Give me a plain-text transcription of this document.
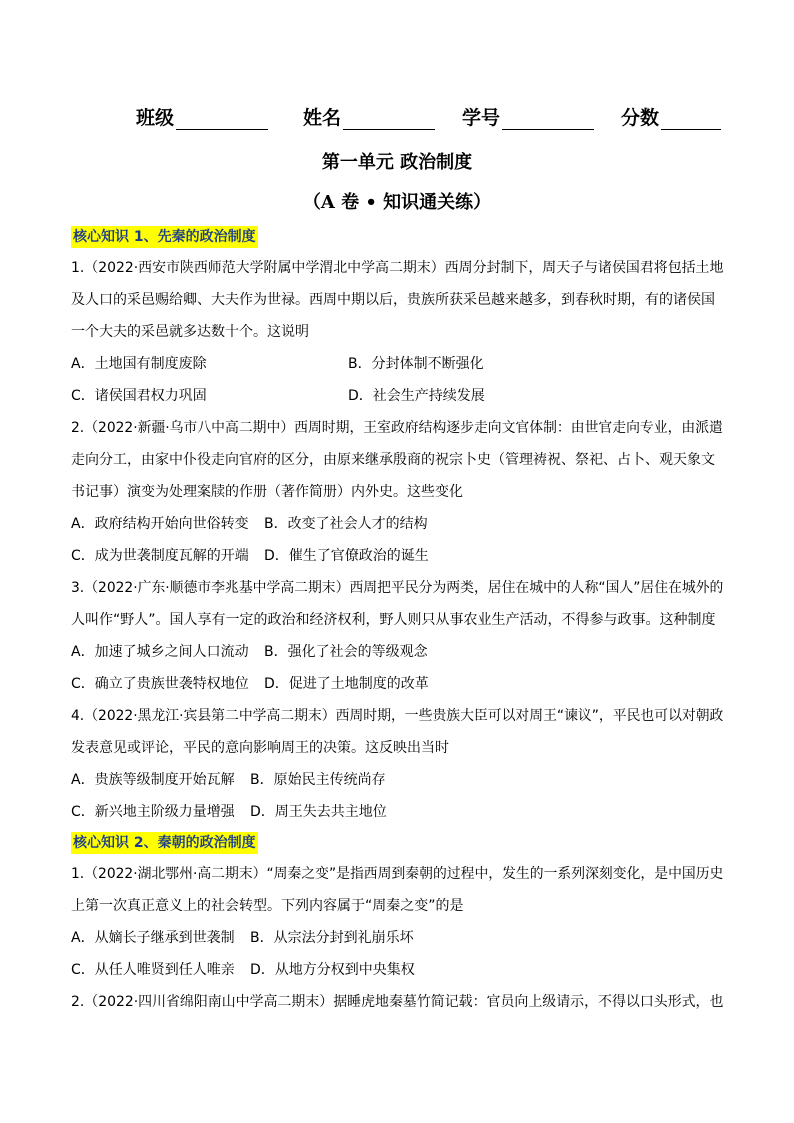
班级	姓名	学号	分数
第一单元 政治制度
（A 卷 • 知识通关练）
核心知识 1、先秦的政治制度
1.（2022·西安市陕西师范大学附属中学渭北中学高二期末）西周分封制下，周天子与诸侯国君将包括土地
及人口的采邑赐给卿、大夫作为世禄。西周中期以后，贵族所获采邑越来越多，到春秋时期，有的诸侯国
一个大夫的采邑就多达数十个。这说明
A．土地国有制度废除	B．分封体制不断强化
C．诸侯国君权力巩固	D．社会生产持续发展
2.（2022·新疆·乌市八中高二期中）西周时期，王室政府结构逐步走向文官体制：由世官走向专业，由派遣
走向分工，由家中仆役走向官府的区分，由原来继承殷商的祝宗卜史（管理祷祝、祭祀、占卜、观天象文
书记事）演变为处理案牍的作册（著作简册）内外史。这些变化
A．政府结构开始向世俗转变 B．改变了社会人才的结构
C．成为世袭制度瓦解的开端 D．催生了官僚政治的诞生
3.（2022·广东·顺德市李兆基中学高二期末）西周把平民分为两类，居住在城中的人称“国人”居住在城外的
人叫作“野人”。国人享有一定的政治和经济权利，野人则只从事农业生产活动，不得参与政事。这种制度
A．加速了城乡之间人口流动 B．强化了社会的等级观念
C．确立了贵族世袭特权地位 D．促进了土地制度的改革
4.（2022·黑龙江·宾县第二中学高二期末）西周时期，一些贵族大臣可以对周王“谏议”，平民也可以对朝政
发表意见或评论，平民的意向影响周王的决策。这反映出当时
A．贵族等级制度开始瓦解 B．原始民主传统尚存
C．新兴地主阶级力量增强 D．周王失去共主地位
核心知识 2、秦朝的政治制度
1.（2022·湖北鄂州·高二期末）“周秦之变”是指西周到秦朝的过程中，发生的一系列深刻变化，是中国历史
上第一次真正意义上的社会转型。下列内容属于“周秦之变”的是
A．从嫡长子继承到世袭制 B．从宗法分封到礼崩乐坏
C．从任人唯贤到任人唯亲 D．从地方分权到中央集权
2.（2022·四川省绵阳南山中学高二期末）据睡虎地秦墓竹简记载：官员向上级请示，不得以口头形式，也
